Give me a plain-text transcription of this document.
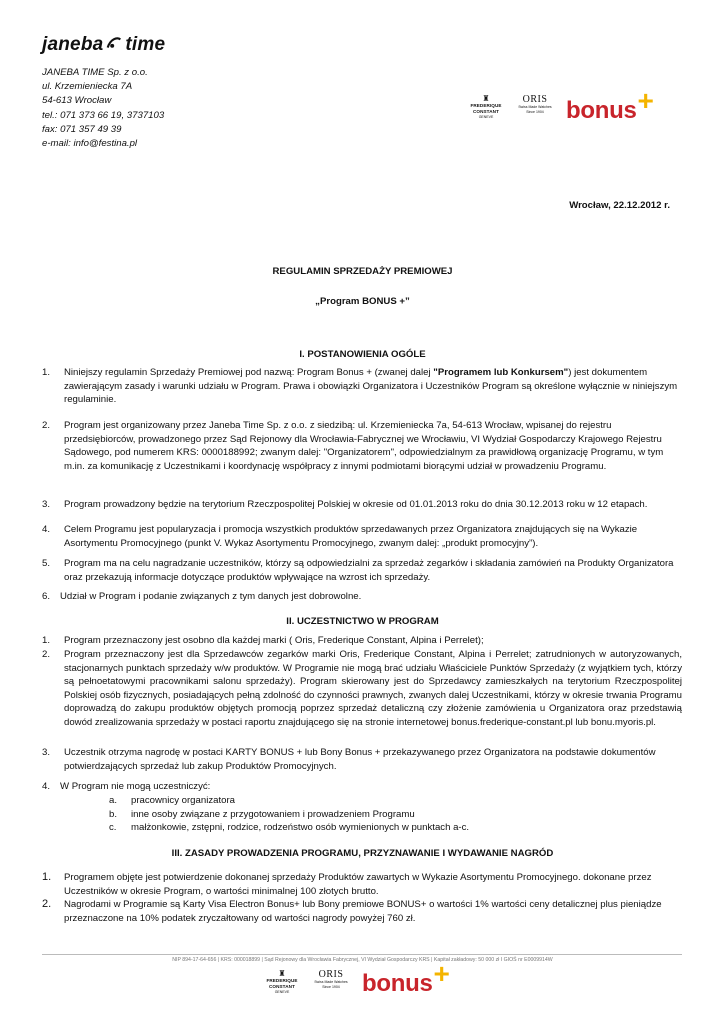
janeba time
JANEBA TIME Sp. z o.o.
ul. Krzemieniecka 7A
54-613 Wrocław
tel.: 071 373 66 19, 3737103
fax: 071 357 49 39
e-mail: info@festina.pl
♜
FREDERIQUE CONSTANT
GENEVE
ORIS
Swiss Made Watches Since 1904 bonus+
Wrocław, 22.12.2012 r.
REGULAMIN SPRZEDAŻY PREMIOWEJ
„Program BONUS +”
I. POSTANOWIENIA OGÓLE
1. Niniejszy regulamin Sprzedaży Premiowej pod nazwą: Program Bonus + (zwanej dalej "Programem lub Konkursem") jest dokumentem zawierającym zasady i warunki udziału w Program. Prawa i obowiązki Organizatora i Uczestników Program są określone wyłącznie w niniejszym regulaminie.
2. Program jest organizowany przez Janeba Time Sp. z o.o. z siedzibą: ul. Krzemieniecka 7a, 54-613 Wrocław, wpisanej do rejestru przedsiębiorców, prowadzonego przez Sąd Rejonowy dla Wrocławia-Fabrycznej we Wrocławiu, VI Wydział Gospodarczy Krajowego Rejestru Sądowego, pod numerem KRS: 0000188992; zwanym dalej: "Organizatorem", odpowiedzialnym za prawidłową organizację Programu, w tym m.in. za komunikację z Uczestnikami i koordynację współpracy z innymi podmiotami biorącymi udział w prowadzeniu Programu.
3. Program prowadzony będzie na terytorium Rzeczpospolitej Polskiej w okresie od 01.01.2013 roku do dnia 30.12.2013 roku w 12 etapach.
4. Celem Programu jest popularyzacja i promocja wszystkich produktów sprzedawanych przez Organizatora znajdujących się na Wykazie Asortymentu Promocyjnego (punkt V. Wykaz Asortymentu Promocyjnego, zwanym dalej: „produkt promocyjny”).
5. Program ma na celu nagradzanie uczestników, którzy są odpowiedzialni za sprzedaż zegarków i składania zamówień na Produkty Organizatora oraz przekazują informacje dotyczące produktów wpływające na wzrost ich sprzedaży.
6. Udział w Program i podanie związanych z tym danych jest dobrowolne.
II. UCZESTNICTWO W PROGRAM
1. Program przeznaczony jest osobno dla każdej marki ( Oris, Frederique Constant, Alpina i Perrelet);
2. Program przeznaczony jest dla Sprzedawców zegarków marki Oris, Frederique Constant, Alpina i Perrelet; zatrudnionych w autoryzowanych, stacjonarnych punktach sprzedaży w/w produktów. W Programie nie mogą brać udziału Właściciele Punktów Sprzedaży (z wyjątkiem tych, którzy są pełnoetatowymi pracownikami salonu sprzedaży). Program skierowany jest do Sprzedawcy zamieszkałych na terytorium Rzeczpospolitej Polskiej osób fizycznych, posiadających pełną zdolność do czynności prawnych, zwanych dalej Uczestnikami, którzy w okresie trwania Programu doprowadzą do zakupu produktów objętych promocją poprzez sprzedaż detaliczną czy złożenie zamówienia u Organizatora oraz przedstawią dowód zrealizowania sprzedaży w postaci raportu znajdującego się na stronie internetowej bonus.frederique-constant.pl lub bonu.myoris.pl.
3. Uczestnik otrzyma nagrodę w postaci KARTY BONUS + lub Bony Bonus + przekazywanego przez Organizatora na podstawie dokumentów potwierdzających sprzedaż lub zakup Produktów Promocyjnych.
4. W Program nie mogą uczestniczyć:
a. pracownicy organizatora
b. inne osoby związane z przygotowaniem i prowadzeniem Programu
c. małżonkowie, zstępni, rodzice, rodzeństwo osób wymienionych w punktach a-c.
III. ZASADY PROWADZENIA PROGRAMU, PRZYZNAWANIE I WYDAWANIE NAGRÓD
1. Programem objęte jest potwierdzenie dokonanej sprzedaży Produktów zawartych w Wykazie Asortymentu Promocyjnego. dokonane przez Uczestników w okresie Program, o wartości minimalnej 100 złotych brutto.
2. Nagrodami w Programie są Karty Visa Electron Bonus+ lub Bony premiowe BONUS+ o wartości 1% wartości ceny detalicznej plus pieniądze przeznaczone na 10% podatek zryczałtowany od wartości nagrody powyżej 760 zł.
NIP 894-17-64-656 | KRS: 000018899 | Sąd Rejonowy dla Wrocławia Fabrycznej, VI Wydział Gospodarczy KRS | Kapitał zakładowy: 50 000 zł I GIOŚ nr E0009914W
♜
FREDERIQUE CONSTANT
GENEVE
ORIS
Swiss Made Watches Since 1904 bonus+
